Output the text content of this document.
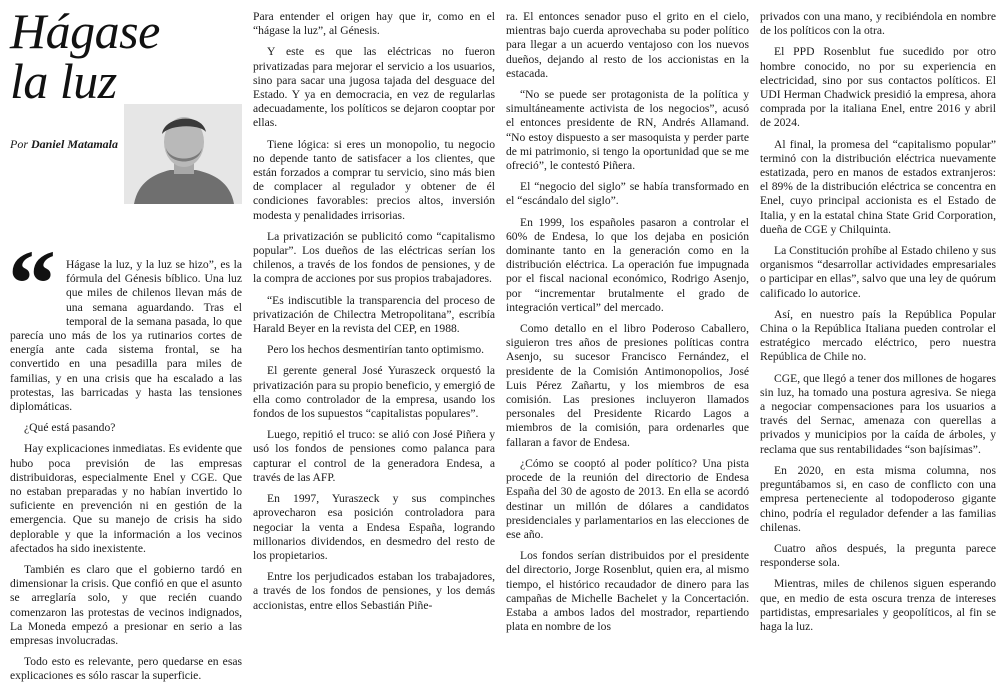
Hágase
la luz
Por Daniel Matamala
“ Hágase la luz, y la luz se hizo”, es la fórmula del Génesis bíblico. Una luz que miles de chilenos llevan más de una semana aguardando. Tras el temporal de la semana pasada, lo que parecía uno más de los ya rutinarios cortes de energía ante cada sistema frontal, se ha convertido en una pesadilla para miles de familias, y en una crisis que ha escalado a las protestas, las barricadas y hasta las tensiones diplomáticas.

¿Qué está pasando?

Hay explicaciones inmediatas. Es evidente que hubo poca previsión de las empresas distribuidoras, especialmente Enel y CGE. Que no estaban preparadas y no habían invertido lo suficiente en prevención ni en gestión de la emergencia. Que su manejo de crisis ha sido deplorable y que la información a los vecinos afectados ha sido inexistente.

También es claro que el gobierno tardó en dimensionar la crisis. Que confió en que el asunto se arreglaría solo, y que recién cuando comenzaron las protestas de vecinos indignados, La Moneda empezó a presionar en serio a las empresas involucradas.

Todo esto es relevante, pero quedarse en esas explicaciones es sólo rascar la superficie.

Para entender el origen hay que ir, como en el “hágase la luz”, al Génesis.

Y este es que las eléctricas no fueron privatizadas para mejorar el servicio a los usuarios, sino para sacar una jugosa tajada del desguace del Estado. Y ya en democracia, en vez de regularlas adecuadamente, los políticos se dejaron cooptar por ellas.

Tiene lógica: si eres un monopolio, tu negocio no depende tanto de satisfacer a los clientes, que están forzados a comprar tu servicio, sino más bien de complacer al regulador y obtener de él condiciones favorables: precios altos, inversión modesta y penalidades irrisorias.

La privatización se publicitó como “capitalismo popular”. Los dueños de las eléctricas serían los chilenos, a través de los fondos de pensiones, y de la compra de acciones por sus propios trabajadores.

“Es indiscutible la transparencia del proceso de privatización de Chilectra Metropolitana”, escribía Harald Beyer en la revista del CEP, en 1988.

Pero los hechos desmentirían tanto optimismo.

El gerente general José Yuraszeck orquestó la privatización para su propio beneficio, y emergió de ella como controlador de la empresa, usando los fondos de los supuestos “capitalistas populares”.

Luego, repitió el truco: se alió con José Piñera y usó los fondos de pensiones como palanca para capturar el control de la generadora Endesa, a través de las AFP.

En 1997, Yuraszeck y sus compinches aprovecharon esa posición controladora para negociar la venta a Endesa España, logrando millonarios dividendos, en desmedro del resto de los propietarios.

Entre los perjudicados estaban los trabajadores, a través de los fondos de pensiones, y los demás accionistas, entre ellos Sebastián Piñe-

ra. El entonces senador puso el grito en el cielo, mientras bajo cuerda aprovechaba su poder político para llegar a un acuerdo ventajoso con los nuevos dueños, dejando al resto de los accionistas en la estacada.

“No se puede ser protagonista de la política y simultáneamente activista de los negocios”, acusó el entonces presidente de RN, Andrés Allamand. “No estoy dispuesto a ser masoquista y perder parte de mi patrimonio, si tengo la oportunidad que se me ofreció”, le contestó Piñera.

El “negocio del siglo” se había transformado en el “escándalo del siglo”.

En 1999, los españoles pasaron a controlar el 60% de Endesa, lo que los dejaba en posición dominante tanto en la generación como en la distribución eléctrica. La operación fue impugnada por el fiscal nacional económico, Rodrigo Asenjo, por “incrementar brutalmente el grado de integración vertical” del mercado.

Como detallo en el libro Poderoso Caballero, siguieron tres años de presiones políticas contra Asenjo, su sucesor Francisco Fernández, el presidente de la Comisión Antimonopolios, José Luis Pérez Zañartu, y los miembros de esa comisión. Las presiones incluyeron llamados personales del Presidente Ricardo Lagos a miembros de la comisión, para ordenarles que fallaran a favor de Endesa.

¿Cómo se cooptó al poder político? Una pista procede de la reunión del directorio de Endesa España del 30 de agosto de 2013. En ella se acordó destinar un millón de dólares a candidatos presidenciales y parlamentarios en las elecciones de ese año.

Los fondos serían distribuidos por el presidente del directorio, Jorge Rosenblut, quien era, al mismo tiempo, el histórico recaudador de dinero para las campañas de Michelle Bachelet y la Concertación. Estaba a ambos lados del mostrador, repartiendo plata en nombre de los

privados con una mano, y recibiéndola en nombre de los políticos con la otra.

El PPD Rosenblut fue sucedido por otro hombre conocido, no por su experiencia en electricidad, sino por sus contactos políticos. El UDI Herman Chadwick presidió la empresa, ahora comprada por la italiana Enel, entre 2016 y abril de 2024.

Al final, la promesa del “capitalismo popular” terminó con la distribución eléctrica nuevamente estatizada, pero en manos de estados extranjeros: el 89% de la distribución eléctrica se concentra en Enel, cuyo principal accionista es el Estado de Italia, y en la estatal china State Grid Corporation, dueña de CGE y Chilquinta.

La Constitución prohíbe al Estado chileno y sus organismos “desarrollar actividades empresariales o participar en ellas”, salvo que una ley de quórum calificado lo autorice.

Así, en nuestro país la República Popular China o la República Italiana pueden controlar el estratégico mercado eléctrico, pero nuestra República de Chile no.

CGE, que llegó a tener dos millones de hogares sin luz, ha tomado una postura agresiva. Se niega a negociar compensaciones para los usuarios a través del Sernac, amenaza con querellas a privados y municipios por la caída de árboles, y reclama que sus rentabilidades “son bajísimas”.

En 2020, en esta misma columna, nos preguntábamos si, en caso de conflicto con una empresa perteneciente al todopoderoso gigante chino, podría el regulador defender a las familias chilenas.

Cuatro años después, la pregunta parece responderse sola.

Mientras, miles de chilenos siguen esperando que, en medio de esta oscura trenza de intereses partidistas, empresariales y geopolíticos, al fin se haga la luz.
